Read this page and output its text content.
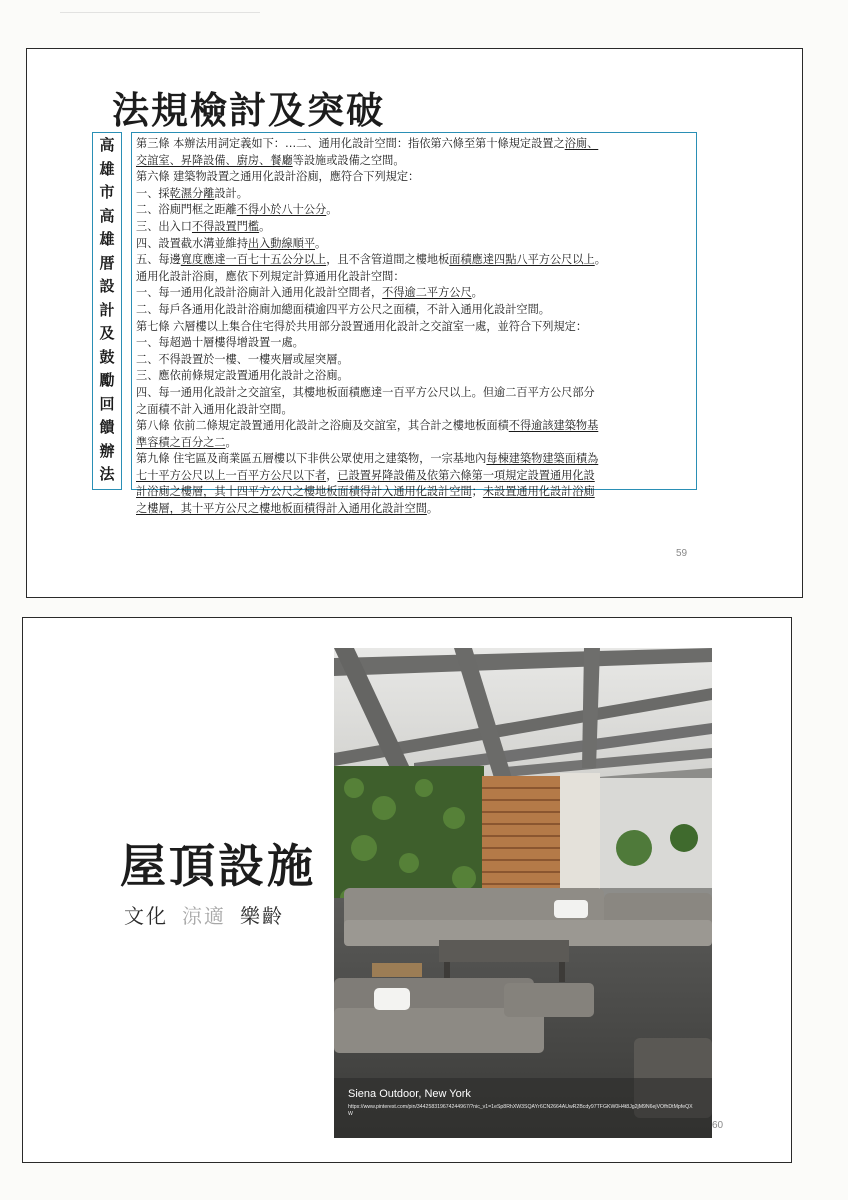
法規檢討及突破
高
雄
市
高
雄
厝
設
計
及
鼓
勵
回
饋
辦
法
第三條 本辦法用詞定義如下：…二、通用化設計空間：指依第六條至第十條規定設置之浴廁、
交誼室、昇降設備、廚房、餐廳等設施或設備之空間。
第六條 建築物設置之通用化設計浴廁，應符合下列規定：
一、採乾濕分離設計。
二、浴廁門框之距離不得小於八十公分。
三、出入口不得設置門檻。
四、設置截水溝並維持出入動線順平。
五、每邊寬度應達一百七十五公分以上，且不含管道間之樓地板面積應達四點八平方公尺以上。
通用化設計浴廁，應依下列規定計算通用化設計空間：
一、每一通用化設計浴廁計入通用化設計空間者，不得逾二平方公尺。
二、每戶各通用化設計浴廁加總面積逾四平方公尺之面積，不計入通用化設計空間。
第七條 六層樓以上集合住宅得於共用部分設置通用化設計之交誼室一處，並符合下列規定：
一、每超過十層樓得增設置一處。
二、不得設置於一樓、一樓夾層或屋突層。
三、應依前條規定設置通用化設計之浴廁。
四、每一通用化設計之交誼室，其樓地板面積應達一百平方公尺以上。但逾二百平方公尺部分
之面積不計入通用化設計空間。
第八條 依前二條規定設置通用化設計之浴廁及交誼室，其合計之樓地板面積不得逾該建築物基
準容積之百分之二。
第九條 住宅區及商業區五層樓以下非供公眾使用之建築物，一宗基地內每棟建築物建築面積為
七十平方公尺以上一百平方公尺以下者，已設置昇降設備及依第六條第一項規定設置通用化設
計浴廁之樓層，其十四平方公尺之樓地板面積得計入通用化設計空間；未設置通用化設計浴廁
之樓層，其十平方公尺之樓地板面積得計入通用化設計空間。
59
屋頂設施
文化 涼適 樂齡
Siena Outdoor, New York
https://www.pinterest.com/pin/344258319674244967/?nic_v1=1eSp8RhXW3SQAYr6CN2664AUwR2Bcdy97TFGKW0H4t8Jg2jM9N6ejVOfhDtMpfeQXW
60
